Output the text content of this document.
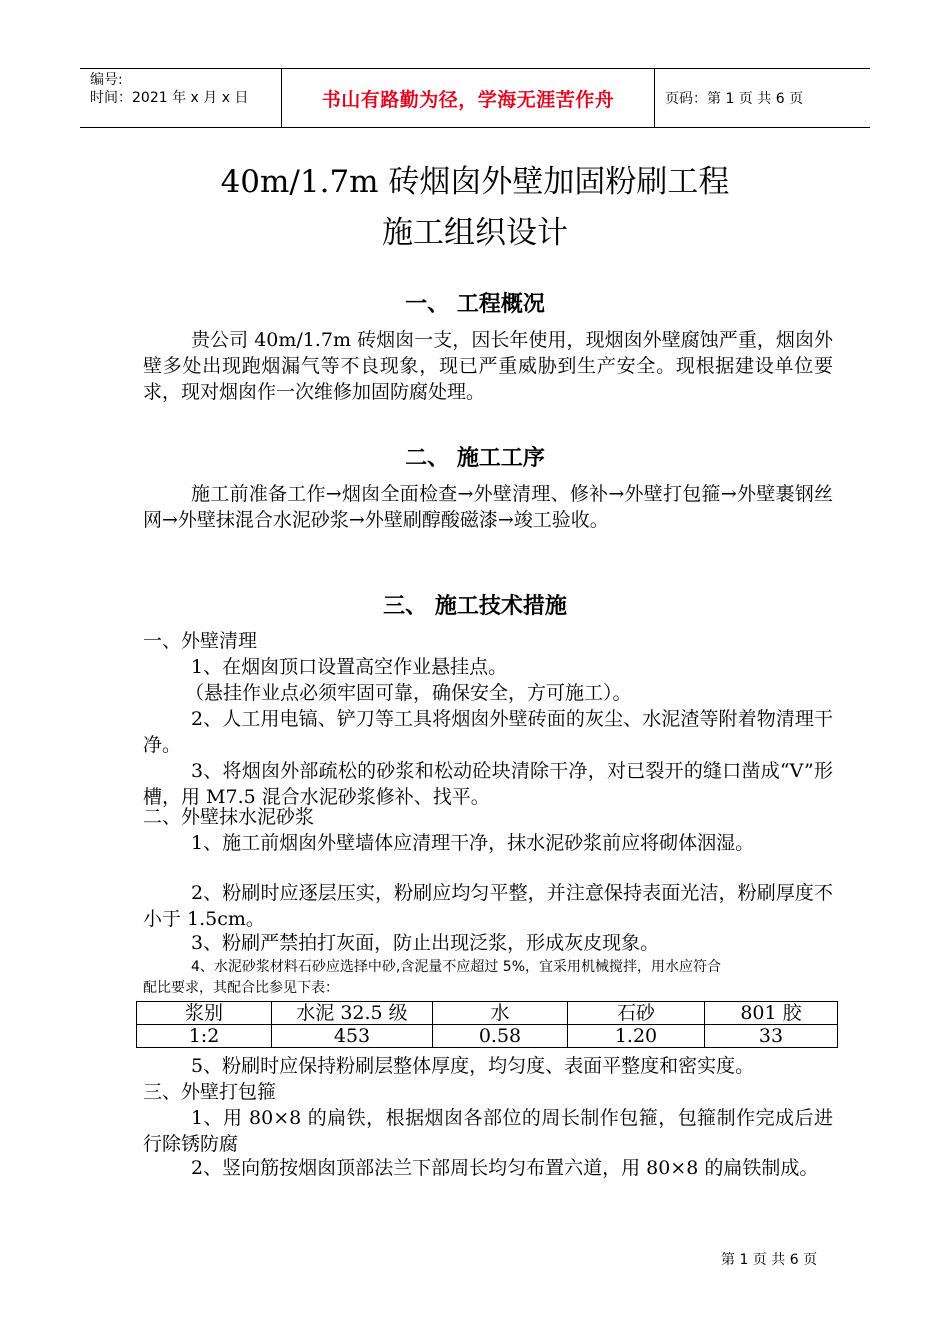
编号:
时间：2021 年 x 月 x 日	书山有路勤为径，学海无涯苦作舟	页码：第 1 页 共 6 页
40m/1.7m 砖烟囱外壁加固粉刷工程
施工组织设计
一、 工程概况

贵公司 40m/1.7m 砖烟囱一支，因长年使用，现烟囱外壁腐蚀严重，烟囱外壁多处出现跑烟漏气等不良现象，现已严重威胁到生产安全。现根据建设单位要求，现对烟囱作一次维修加固防腐处理。

二、 施工工序

施工前准备工作→烟囱全面检查→外壁清理、修补→外壁打包箍→外壁裹钢丝网→外壁抹混合水泥砂浆→外壁刷醇酸磁漆→竣工验收。

三、 施工技术措施
一、外壁清理
1、在烟囱顶口设置高空作业悬挂点。
（悬挂作业点必须牢固可靠，确保安全，方可施工）。

2、人工用电镐、铲刀等工具将烟囱外壁砖面的灰尘、水泥渣等附着物清理干净。

3、将烟囱外部疏松的砂浆和松动砼块清除干净，对已裂开的缝口凿成“V”形槽，用 M7.5 混合水泥砂浆修补、找平。

二、外壁抹水泥砂浆

1、施工前烟囱外壁墙体应清理干净，抹水泥砂浆前应将砌体洇湿。

2、粉刷时应逐层压实，粉刷应均匀平整，并注意保持表面光洁，粉刷厚度不小于 1.5cm。

3、粉刷严禁拍打灰面，防止出现泛浆，形成灰皮现象。
4、水泥砂浆材料石砂应选择中砂,含泥量不应超过 5%，宜采用机械搅拌，用水应符合
配比要求，其配合比参见下表：
浆别	水泥 32.5 级	水	石砂	801 胶
1:2	453	0.58	1.20	33
5、粉刷时应保持粉刷层整体厚度，均匀度、表面平整度和密实度。
三、外壁打包箍

1、用 80×8 的扁铁，根据烟囱各部位的周长制作包箍，包箍制作完成后进行除锈防腐

2、竖向筋按烟囱顶部法兰下部周长均匀布置六道，用 80×8 的扁铁制成。

第 1 页 共 6 页
